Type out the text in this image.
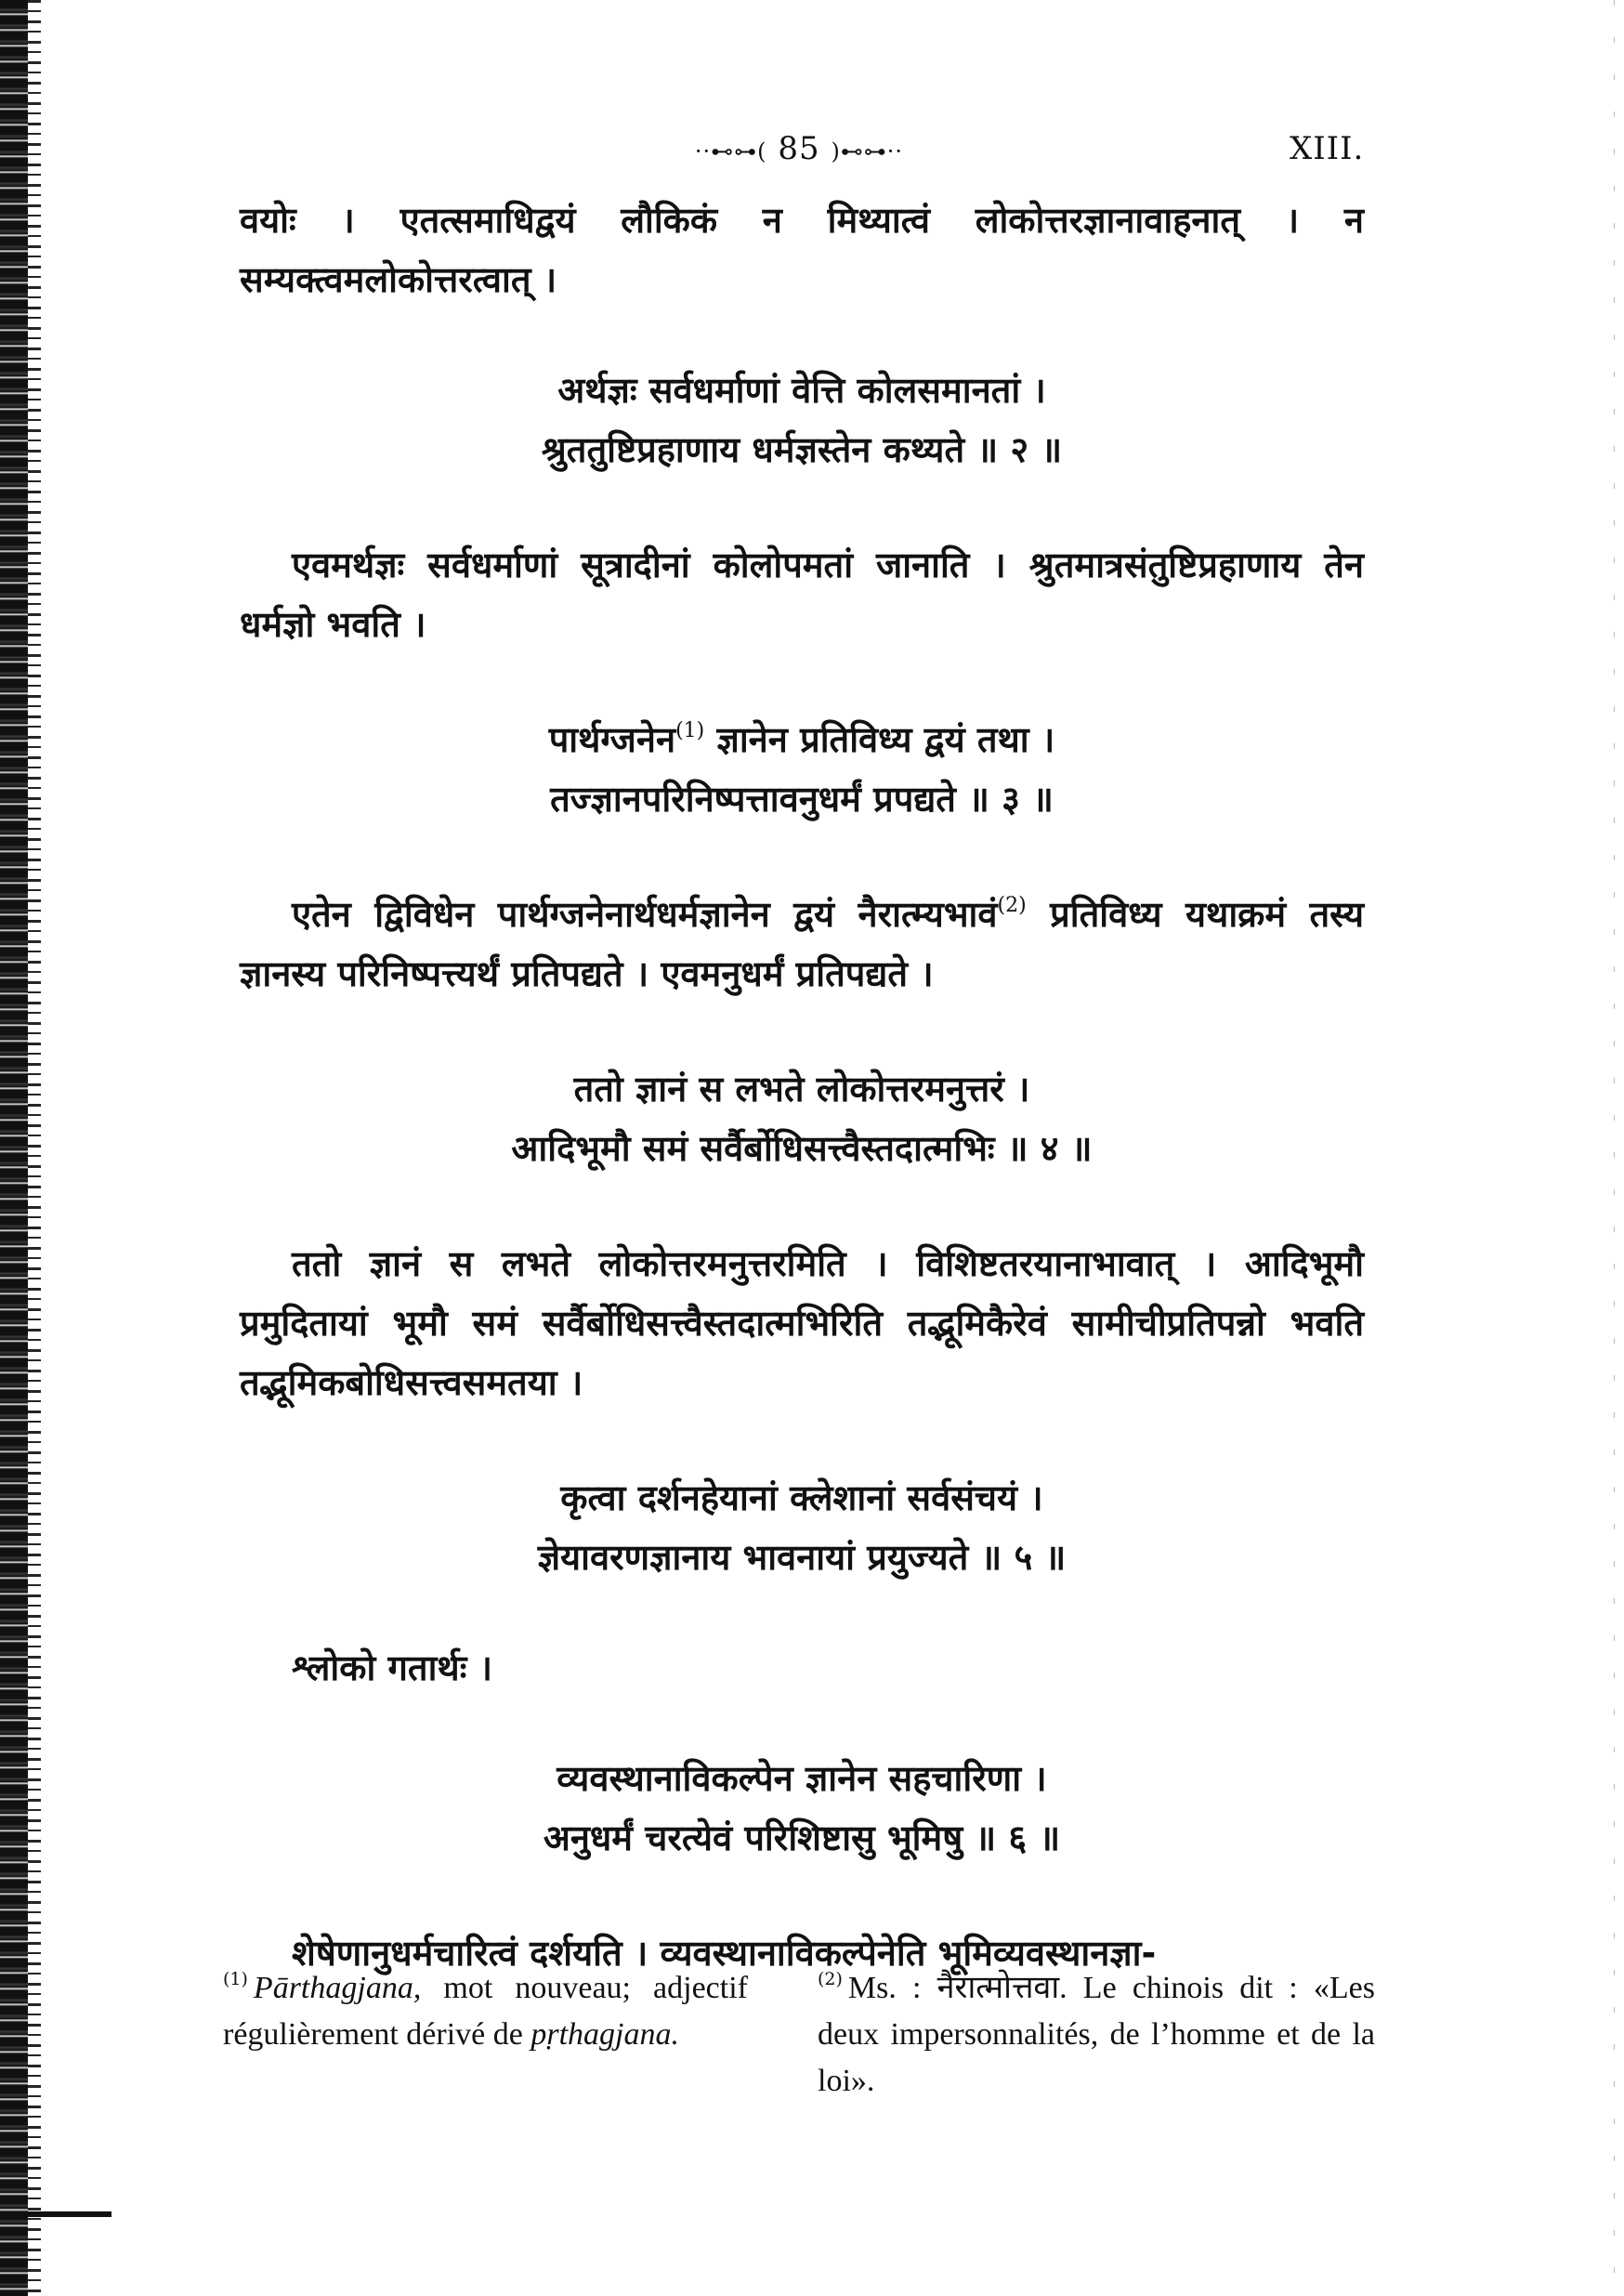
··⊷⊶( 85 )⊷⊶··	XIII.

वयोः । एतत्समाधिद्वयं लौकिकं न मिथ्यात्वं लोकोत्तरज्ञानावाहनात् । न सम्यक्त्वमलोकोत्तरत्वात् ।

अर्थज्ञः सर्वधर्माणां वेत्ति कोलसमानतां ।
श्रुततुष्टिप्रहाणाय धर्मज्ञस्तेन कथ्यते ॥ २ ॥

एवमर्थज्ञः सर्वधर्माणां सूत्रादीनां कोलोपमतां जानाति । श्रुतमात्रसंतुष्टिप्रहाणाय तेन धर्मज्ञो भवति ।

पार्थग्जनेन$^{(1)}$ ज्ञानेन प्रतिविध्य द्वयं तथा ।
तज्ज्ञानपरिनिष्पत्तावनुधर्मं प्रपद्यते ॥ ३ ॥

एतेन द्विविधेन पार्थग्जनेनार्थधर्मज्ञानेन द्वयं नैरात्म्यभावं$^{(2)}$ प्रतिविध्य यथाक्रमं तस्य ज्ञानस्य परिनिष्पत्त्यर्थं प्रतिपद्यते । एवमनुधर्मं प्रतिपद्यते ।

ततो ज्ञानं स लभते लोकोत्तरमनुत्तरं ।
आदिभूमौ समं सर्वैर्बोधिसत्त्वैस्तदात्मभिः ॥ ४ ॥

ततो ज्ञानं स लभते लोकोत्तरमनुत्तरमिति । विशिष्टतरयानाभावात् । आदिभूमौ प्रमुदितायां भूमौ समं सर्वैर्बोधिसत्त्वैस्तदात्मभिरिति तद्भूमिकैरेवं सामीचीप्रतिपन्नो भवति तद्भूमिकबोधिसत्त्वसमतया ।

कृत्वा दर्शनहेयानां क्लेशानां सर्वसंचयं ।
ज्ञेयावरणज्ञानाय भावनायां प्रयुज्यते ॥ ५ ॥

श्लोको गतार्थः ।

व्यवस्थानाविकल्पेन ज्ञानेन सहचारिणा ।
अनुधर्मं चरत्येवं परिशिष्टासु भूमिषु ॥ ६ ॥

शेषेणानुधर्मचारित्वं दर्शयति । व्यवस्थानाविकल्पेनेति भूमिव्यवस्थानज्ञा-

$^{(1)}$ Pārthagjana, mot nouveau; adjectif régulièrement dérivé de pṛthagjana.
$^{(2)}$ Ms. : नैरात्मोत्तवा. Le chinois dit : «Les deux impersonnalités, de l’homme et de la loi».
